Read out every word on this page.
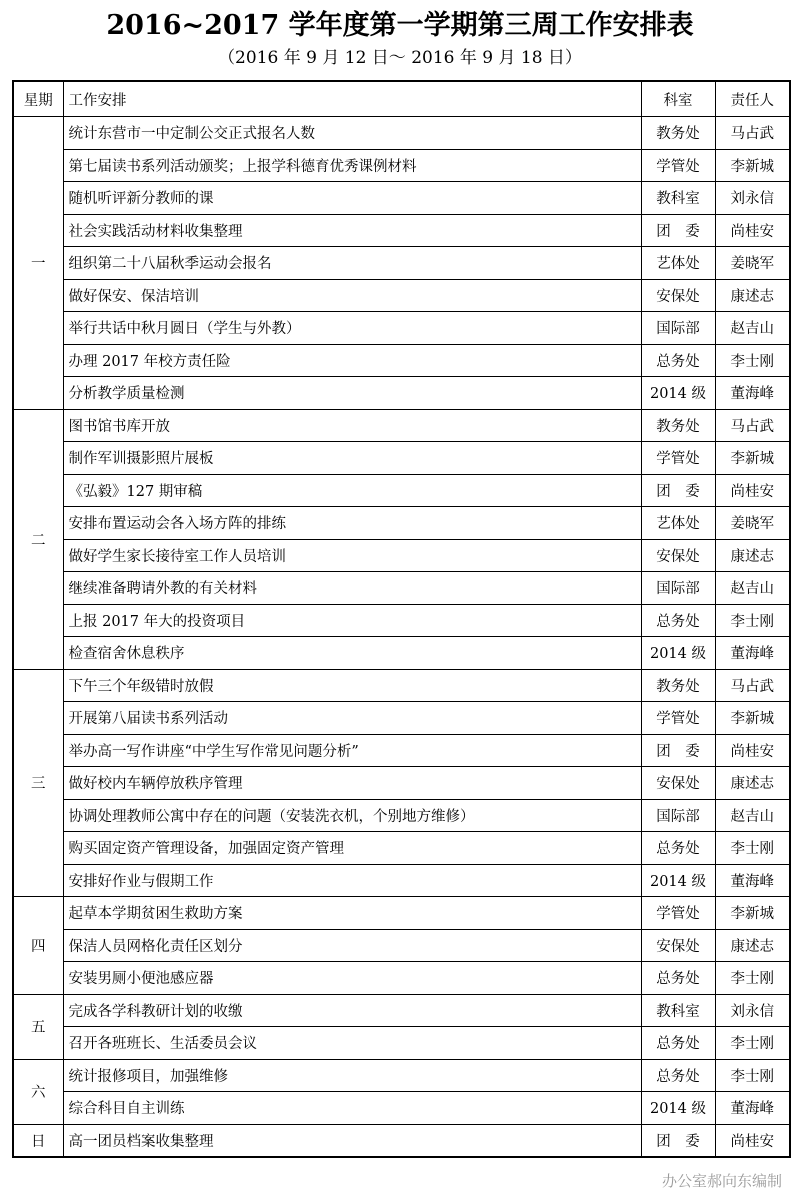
2016~2017 学年度第一学期第三周工作安排表
（2016 年 9 月 12 日～ 2016 年 9 月 18 日）
星期	工作安排	科室	责任人
一	统计东营市一中定制公交正式报名人数	教务处	马占武
	第七届读书系列活动颁奖；上报学科德育优秀课例材料	学管处	李新城
	随机听评新分教师的课	教科室	刘永信
	社会实践活动材料收集整理	团　委	尚桂安
	组织第二十八届秋季运动会报名	艺体处	姜晓军
	做好保安、保洁培训	安保处	康述志
	举行共话中秋月圆日（学生与外教）	国际部	赵吉山
	办理 2017 年校方责任险	总务处	李士刚
	分析教学质量检测	2014 级	董海峰
二	图书馆书库开放	教务处	马占武
	制作军训摄影照片展板	学管处	李新城
	《弘毅》127 期审稿	团　委	尚桂安
	安排布置运动会各入场方阵的排练	艺体处	姜晓军
	做好学生家长接待室工作人员培训	安保处	康述志
	继续准备聘请外教的有关材料	国际部	赵吉山
	上报 2017 年大的投资项目	总务处	李士刚
	检查宿舍休息秩序	2014 级	董海峰
三	下午三个年级错时放假	教务处	马占武
	开展第八届读书系列活动	学管处	李新城
	举办高一写作讲座“中学生写作常见问题分析”	团　委	尚桂安
	做好校内车辆停放秩序管理	安保处	康述志
	协调处理教师公寓中存在的问题（安装洗衣机，个别地方维修）	国际部	赵吉山
	购买固定资产管理设备，加强固定资产管理	总务处	李士刚
	安排好作业与假期工作	2014 级	董海峰
四	起草本学期贫困生救助方案	学管处	李新城
	保洁人员网格化责任区划分	安保处	康述志
	安装男厕小便池感应器	总务处	李士刚
五	完成各学科教研计划的收缴	教科室	刘永信
	召开各班班长、生活委员会议	总务处	李士刚
六	统计报修项目，加强维修	总务处	李士刚
	综合科目自主训练	2014 级	董海峰
日	高一团员档案收集整理	团　委	尚桂安
办公室郝向东编制
